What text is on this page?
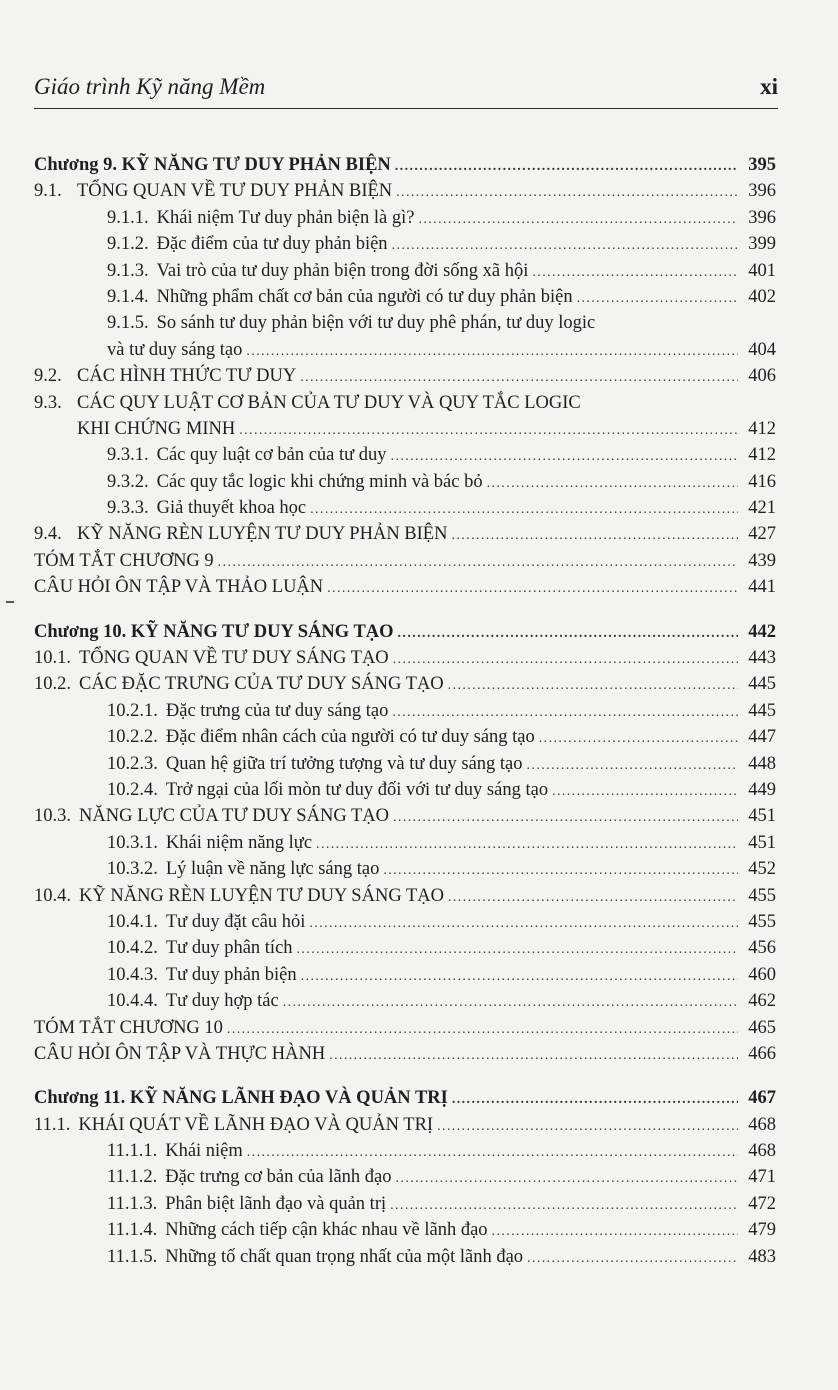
Giáo trình Kỹ năng Mềm	xi
Chương 9. KỸ NĂNG TƯ DUY PHẢN BIỆN .....	395
9.1. TỔNG QUAN VỀ TƯ DUY PHẢN BIỆN .....	396
9.1.1. Khái niệm Tư duy phản biện là gì? .....	396
9.1.2. Đặc điểm của tư duy phản biện .....	399
9.1.3. Vai trò của tư duy phản biện trong đời sống xã hội .....	401
9.1.4. Những phẩm chất cơ bản của người có tư duy phản biện .....	402
9.1.5. So sánh tư duy phản biện với tư duy phê phán, tư duy logic
và tư duy sáng tạo .....	404
9.2. CÁC HÌNH THỨC TƯ DUY .....	406
9.3. CÁC QUY LUẬT CƠ BẢN CỦA TƯ DUY VÀ QUY TẮC LOGIC
KHI CHỨNG MINH .....	412
9.3.1. Các quy luật cơ bản của tư duy .....	412
9.3.2. Các quy tắc logic khi chứng minh và bác bỏ .....	416
9.3.3. Giả thuyết khoa học .....	421
9.4. KỸ NĂNG RÈN LUYỆN TƯ DUY PHẢN BIỆN .....	427
TÓM TẮT CHƯƠNG 9 .....	439
CÂU HỎI ÔN TẬP VÀ THẢO LUẬN .....	441
Chương 10. KỸ NĂNG TƯ DUY SÁNG TẠO .....	442
10.1. TỔNG QUAN VỀ TƯ DUY SÁNG TẠO .....	443
10.2. CÁC ĐẶC TRƯNG CỦA TƯ DUY SÁNG TẠO .....	445
10.2.1. Đặc trưng của tư duy sáng tạo .....	445
10.2.2. Đặc điểm nhân cách của người có tư duy sáng tạo .....	447
10.2.3. Quan hệ giữa trí tưởng tượng và tư duy sáng tạo .....	448
10.2.4. Trở ngại của lối mòn tư duy đối với tư duy sáng tạo .....	449
10.3. NĂNG LỰC CỦA TƯ DUY SÁNG TẠO .....	451
10.3.1. Khái niệm năng lực .....	451
10.3.2. Lý luận về năng lực sáng tạo .....	452
10.4. KỸ NĂNG RÈN LUYỆN TƯ DUY SÁNG TẠO .....	455
10.4.1. Tư duy đặt câu hỏi .....	455
10.4.2. Tư duy phân tích .....	456
10.4.3. Tư duy phản biện .....	460
10.4.4. Tư duy hợp tác .....	462
TÓM TẮT CHƯƠNG 10 .....	465
CÂU HỎI ÔN TẬP VÀ THỰC HÀNH .....	466
Chương 11. KỸ NĂNG LÃNH ĐẠO VÀ QUẢN TRỊ .....	467
11.1. KHÁI QUÁT VỀ LÃNH ĐẠO VÀ QUẢN TRỊ .....	468
11.1.1. Khái niệm .....	468
11.1.2. Đặc trưng cơ bản của lãnh đạo .....	471
11.1.3. Phân biệt lãnh đạo và quản trị .....	472
11.1.4. Những cách tiếp cận khác nhau về lãnh đạo .....	479
11.1.5. Những tố chất quan trọng nhất của một lãnh đạo .....	483
